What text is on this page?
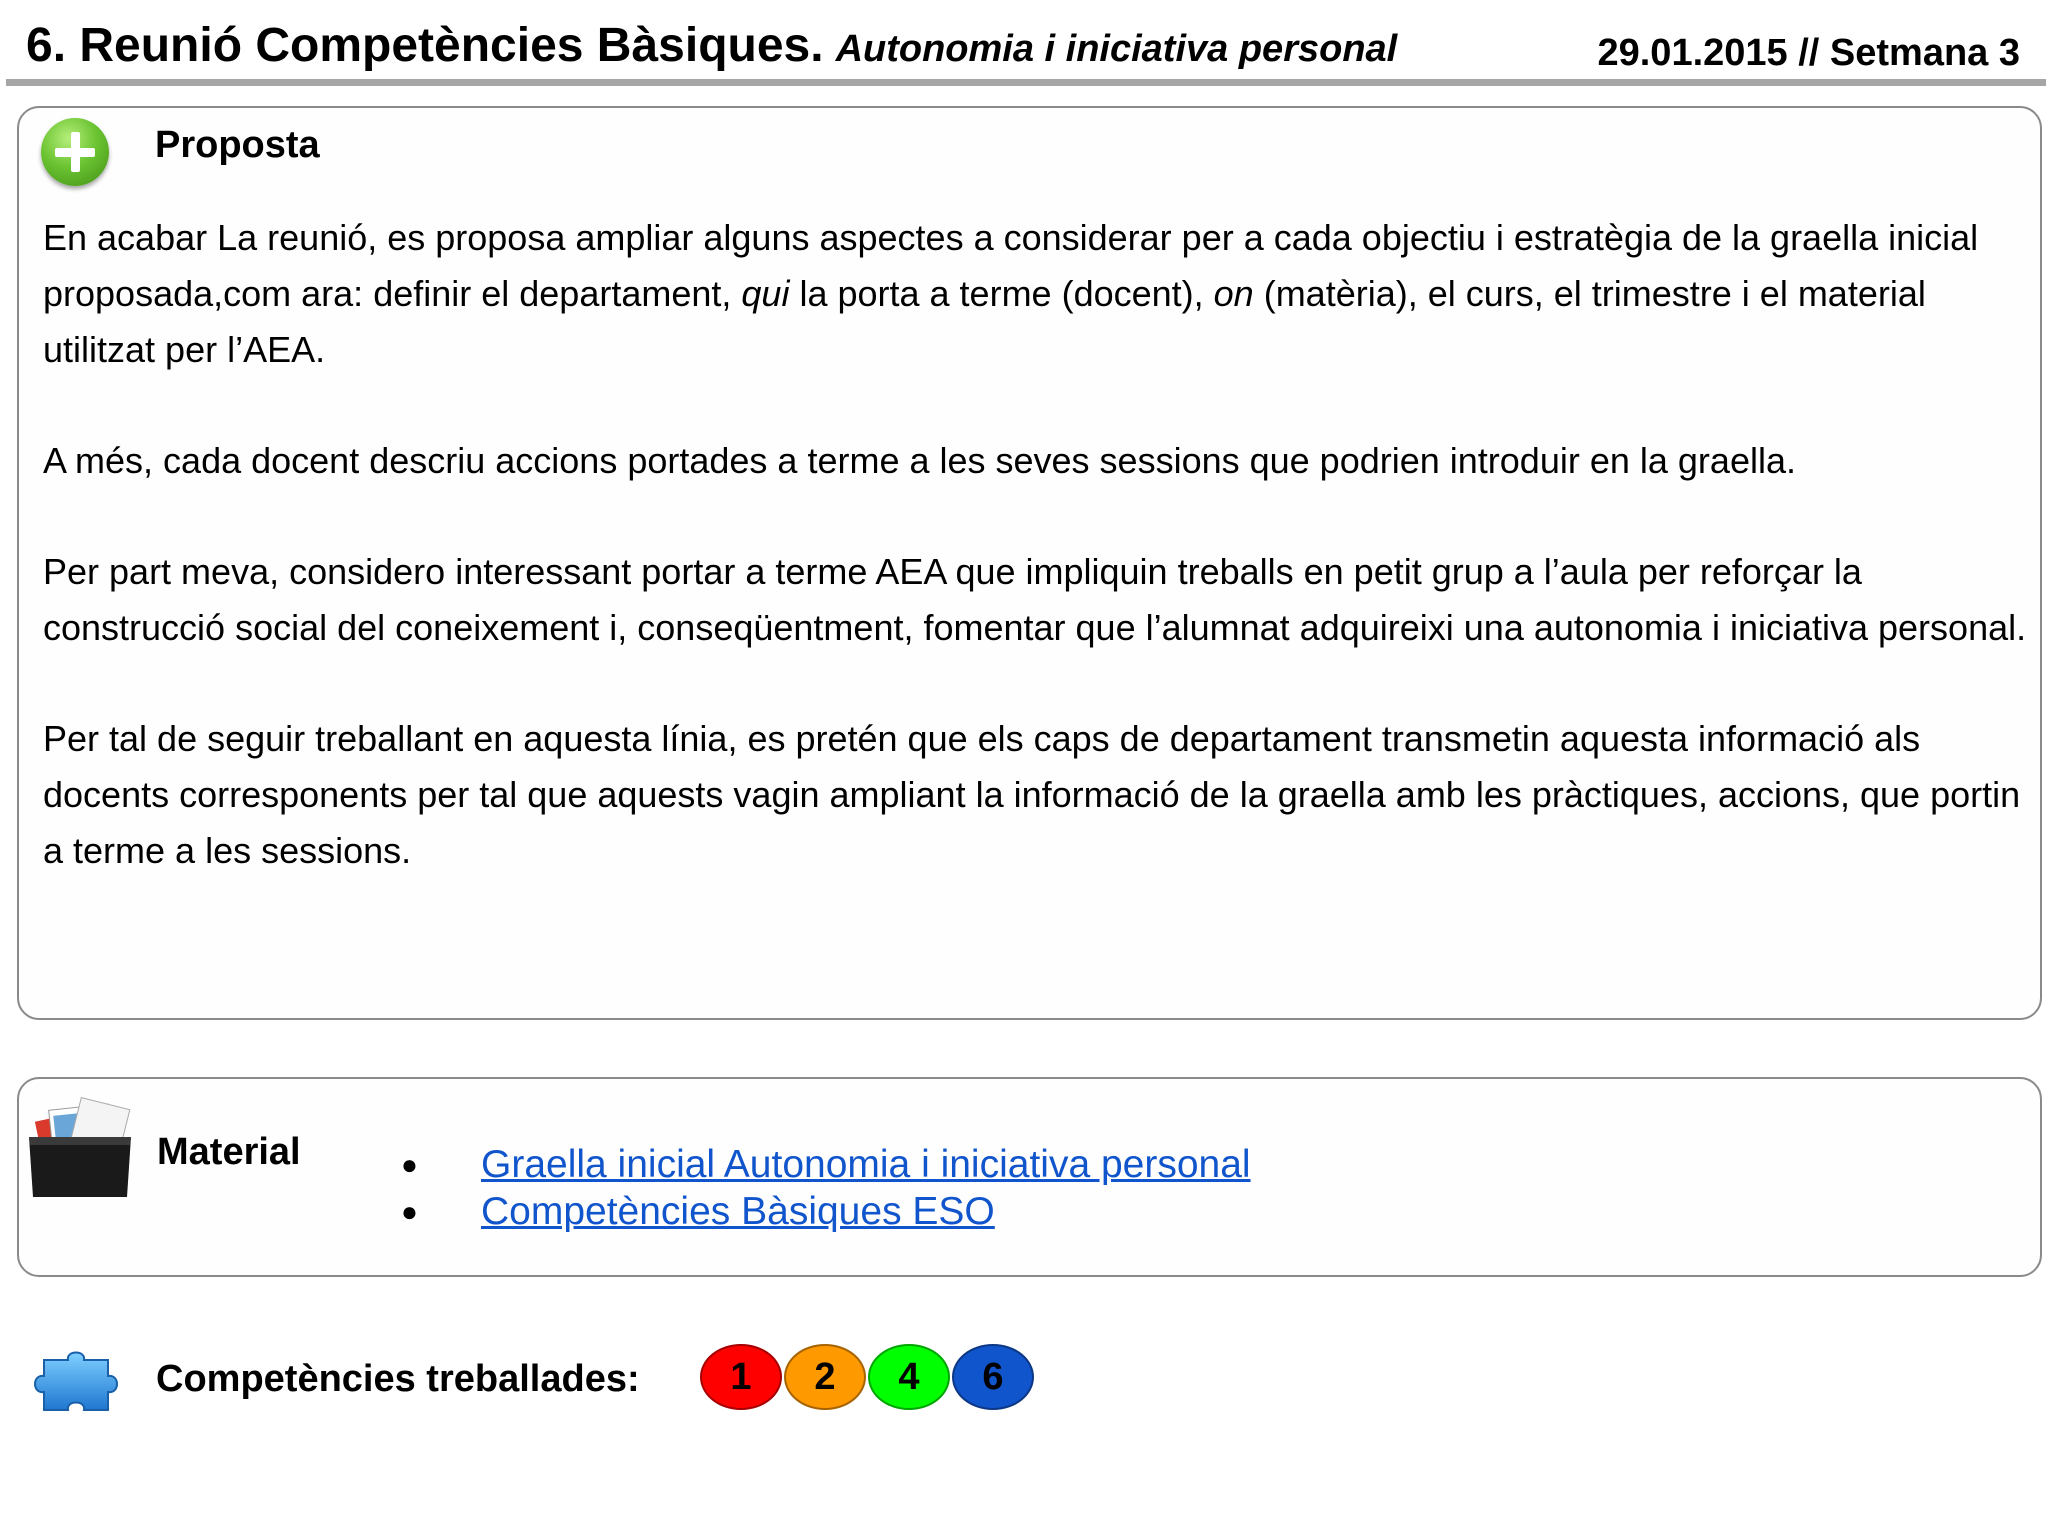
6. Reunió Competències Bàsiques. Autonomia i iniciativa personal	29.01.2015 // Setmana 3
Proposta

En acabar La reunió, es proposa ampliar alguns aspectes a considerar per a cada objectiu i estratègia de la graella inicial proposada,com ara: definir el departament, qui la porta a terme (docent), on (matèria), el curs, el trimestre i el material utilitzat per l’AEA.

A més, cada docent descriu accions portades a terme a les seves sessions que podrien introduir en la graella.

Per part meva, considero interessant portar a terme AEA que impliquin treballs en petit grup a l’aula per reforçar la construcció social del coneixement i, conseqüentment, fomentar que l’alumnat adquireixi una autonomia i iniciativa personal.

Per tal de seguir treballant en aquesta línia, es pretén que els caps de departament transmetin aquesta informació als docents corresponents per tal que aquests vagin ampliant la informació de la graella amb les pràctiques, accions, que portin a terme a les sessions.

Material
●	Graella inicial Autonomia i iniciativa personal
● Competències Bàsiques ESO
Competències treballades:	1	2	4	6
